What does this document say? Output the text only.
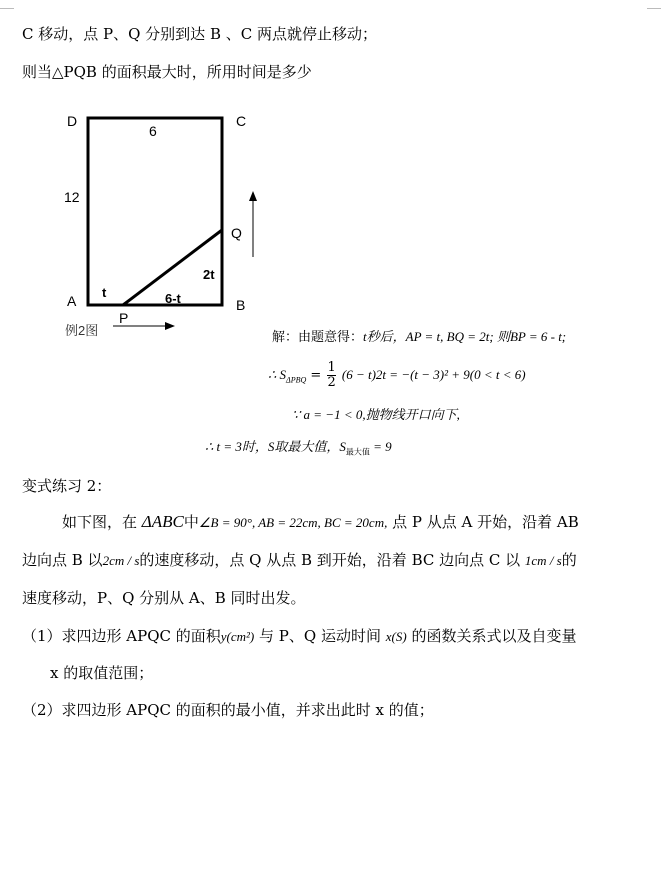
C 移动，点 P、Q 分别到达 B 、C 两点就停止移动；
则当△PQB 的面积最大时，所用时间是多少
D	C
6
12
Q
2t
A
t	6-t	B
P
例2图	解：由题意得：t秒后，AP = t, BQ = 2t; 则BP = 6 - t;
∴ $S_{\Delta PBQ} = \frac{1}{2} (6 - t)2t = -(t - 3)^2 + 9(0 < t < 6)$
∵ a = −1 < 0,抛物线开口向下,
∴ t = 3时，S取最大值，$S_{最大值} = 9$
变式练习 2：
如下图，在 ΔABC中∠B = 90°, AB = 22cm, BC = 20cm, 点 P 从点 A 开始，沿着 AB
边向点 B 以2cm / s的速度移动，点 Q 从点 B 到开始，沿着 BC 边向点 C 以 1cm / s的
速度移动，P、Q 分别从 A、B 同时出发。
（1）求四边形 APQC 的面积y(cm²) 与 P、Q 运动时间 x(S) 的函数关系式以及自变量
x 的取值范围；
（2）求四边形 APQC 的面积的最小值，并求出此时 x 的值；
